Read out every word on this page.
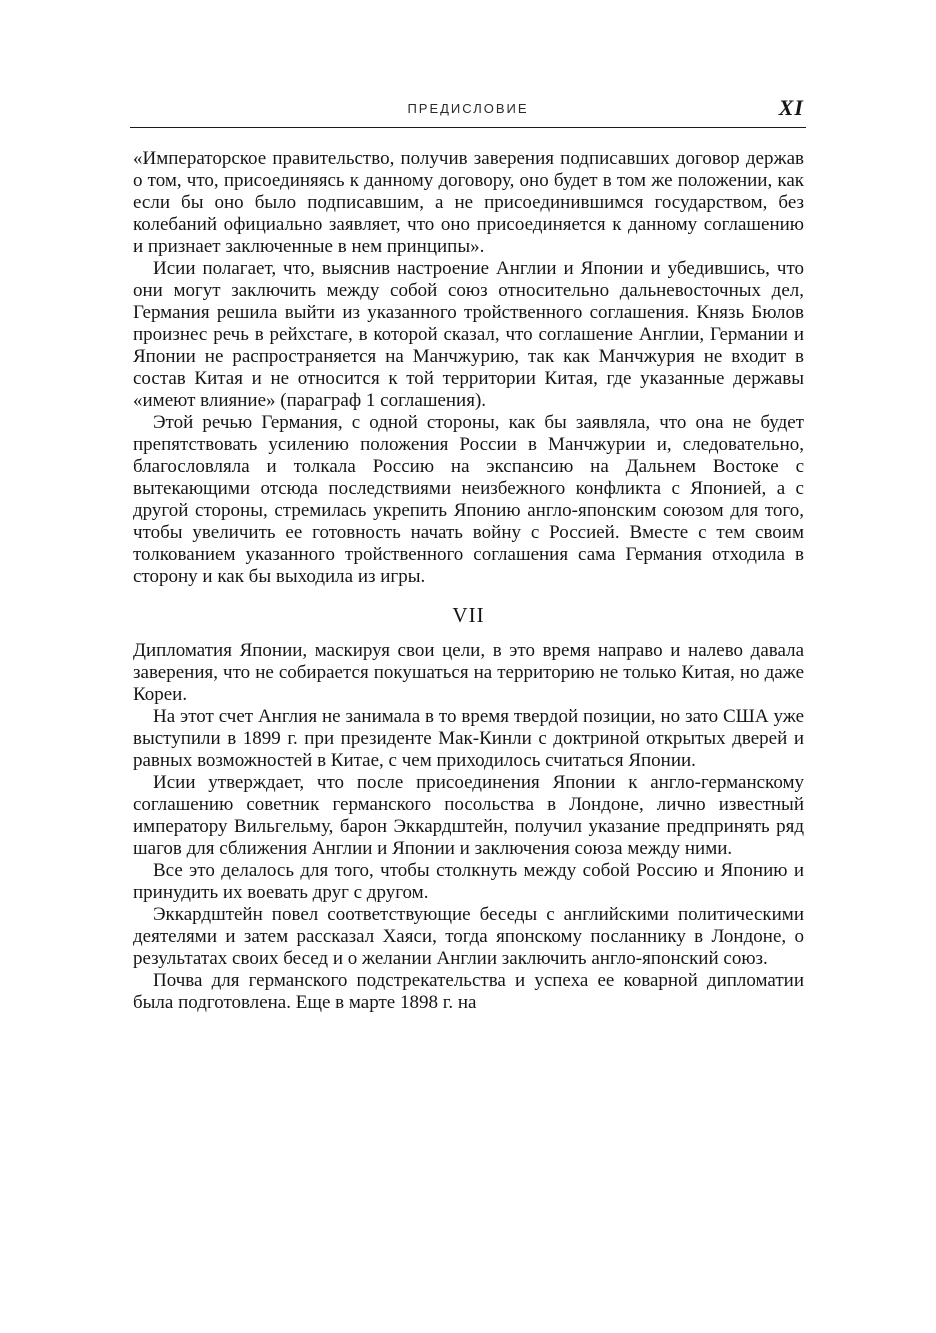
ПРЕДИСЛОВИЕ	XI

«Императорское правительство, получив заверения подписавших договор держав о том, что, присоединяясь к данному договору, оно будет в том же положении, как если бы оно было подписавшим, а не присоединившимся государством, без колебаний официально заявляет, что оно присоединяется к данному соглашению и признает заключенные в нем принципы».

Исии полагает, что, выяснив настроение Англии и Японии и убедившись, что они могут заключить между собой союз относительно дальневосточных дел, Германия решила выйти из указанного тройственного соглашения. Князь Бюлов произнес речь в рейхстаге, в которой сказал, что соглашение Англии, Германии и Японии не распространяется на Манчжурию, так как Манчжурия не входит в состав Китая и не относится к той территории Китая, где указанные державы «имеют влияние» (параграф 1 соглашения).

Этой речью Германия, с одной стороны, как бы заявляла, что она не будет препятствовать усилению положения России в Манчжурии и, следовательно, благословляла и толкала Россию на экспансию на Дальнем Востоке с вытекающими отсюда последствиями неизбежного конфликта с Японией, а с другой стороны, стремилась укрепить Японию англо-японским союзом для того, чтобы увеличить ее готовность начать войну с Россией. Вместе с тем своим толкованием указанного тройственного соглашения сама Германия отходила в сторону и как бы выходила из игры.

VII

Дипломатия Японии, маскируя свои цели, в это время направо и налево давала заверения, что не собирается покушаться на территорию не только Китая, но даже Кореи.

На этот счет Англия не занимала в то время твердой позиции, но зато США уже выступили в 1899 г. при президенте Мак-Кинли с доктриной открытых дверей и равных возможностей в Китае, с чем приходилось считаться Японии.

Исии утверждает, что после присоединения Японии к англо-германскому соглашению советник германского посольства в Лондоне, лично известный императору Вильгельму, барон Эккардштейн, получил указание предпринять ряд шагов для сближения Англии и Японии и заключения союза между ними.

Все это делалось для того, чтобы столкнуть между собой Россию и Японию и принудить их воевать друг с другом.

Эккардштейн повел соответствующие беседы с английскими политическими деятелями и затем рассказал Хаяси, тогда японскому посланнику в Лондоне, о результатах своих бесед и о желании Англии заключить англо-японский союз.

Почва для германского подстрекательства и успеха ее коварной дипломатии была подготовлена. Еще в марте 1898 г. на
